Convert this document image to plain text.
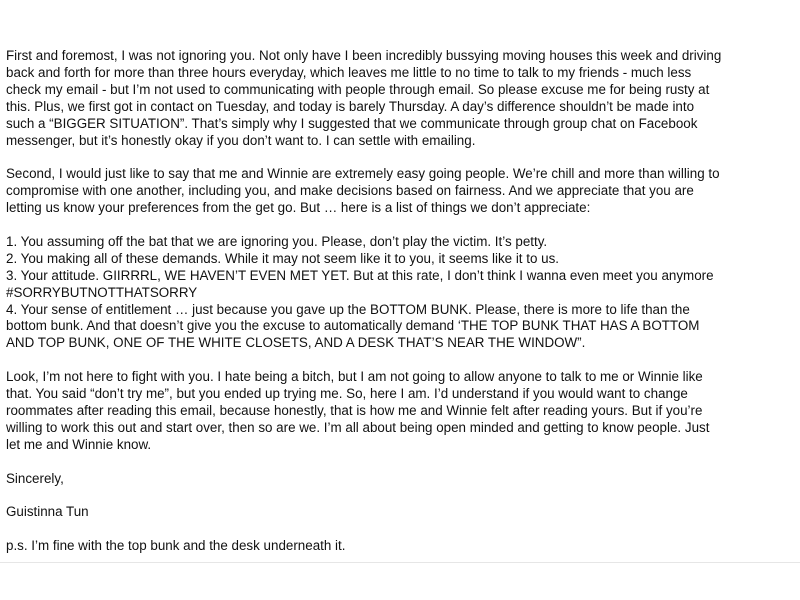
First and foremost, I was not ignoring you. Not only have I been incredibly bussying moving houses this week and driving
back and forth for more than three hours everyday, which leaves me little to no time to talk to my friends - much less
check my email - but I’m not used to communicating with people through email. So please excuse me for being rusty at
this. Plus, we first got in contact on Tuesday, and today is barely Thursday. A day’s difference shouldn’t be made into
such a “BIGGER SITUATION”. That’s simply why I suggested that we communicate through group chat on Facebook
messenger, but it’s honestly okay if you don’t want to. I can settle with emailing.

Second, I would just like to say that me and Winnie are extremely easy going people. We’re chill and more than willing to
compromise with one another, including you, and make decisions based on fairness. And we appreciate that you are
letting us know your preferences from the get go. But … here is a list of things we don’t appreciate:

1. You assuming off the bat that we are ignoring you. Please, don’t play the victim. It’s petty.
2. You making all of these demands. While it may not seem like it to you, it seems like it to us.
3. Your attitude. GIIRRRL, WE HAVEN’T EVEN MET YET. But at this rate, I don’t think I wanna even meet you anymore
#SORRYBUTNOTTHATSORRY
4. Your sense of entitlement … just because you gave up the BOTTOM BUNK. Please, there is more to life than the
bottom bunk. And that doesn’t give you the excuse to automatically demand ‘THE TOP BUNK THAT HAS A BOTTOM
AND TOP BUNK, ONE OF THE WHITE CLOSETS, AND A DESK THAT’S NEAR THE WINDOW”.

Look, I’m not here to fight with you. I hate being a bitch, but I am not going to allow anyone to talk to me or Winnie like
that. You said “don’t try me”, but you ended up trying me. So, here I am. I’d understand if you would want to change
roommates after reading this email, because honestly, that is how me and Winnie felt after reading yours. But if you’re
willing to work this out and start over, then so are we. I’m all about being open minded and getting to know people. Just
let me and Winnie know.

Sincerely,

Guistinna Tun

p.s. I’m fine with the top bunk and the desk underneath it.
